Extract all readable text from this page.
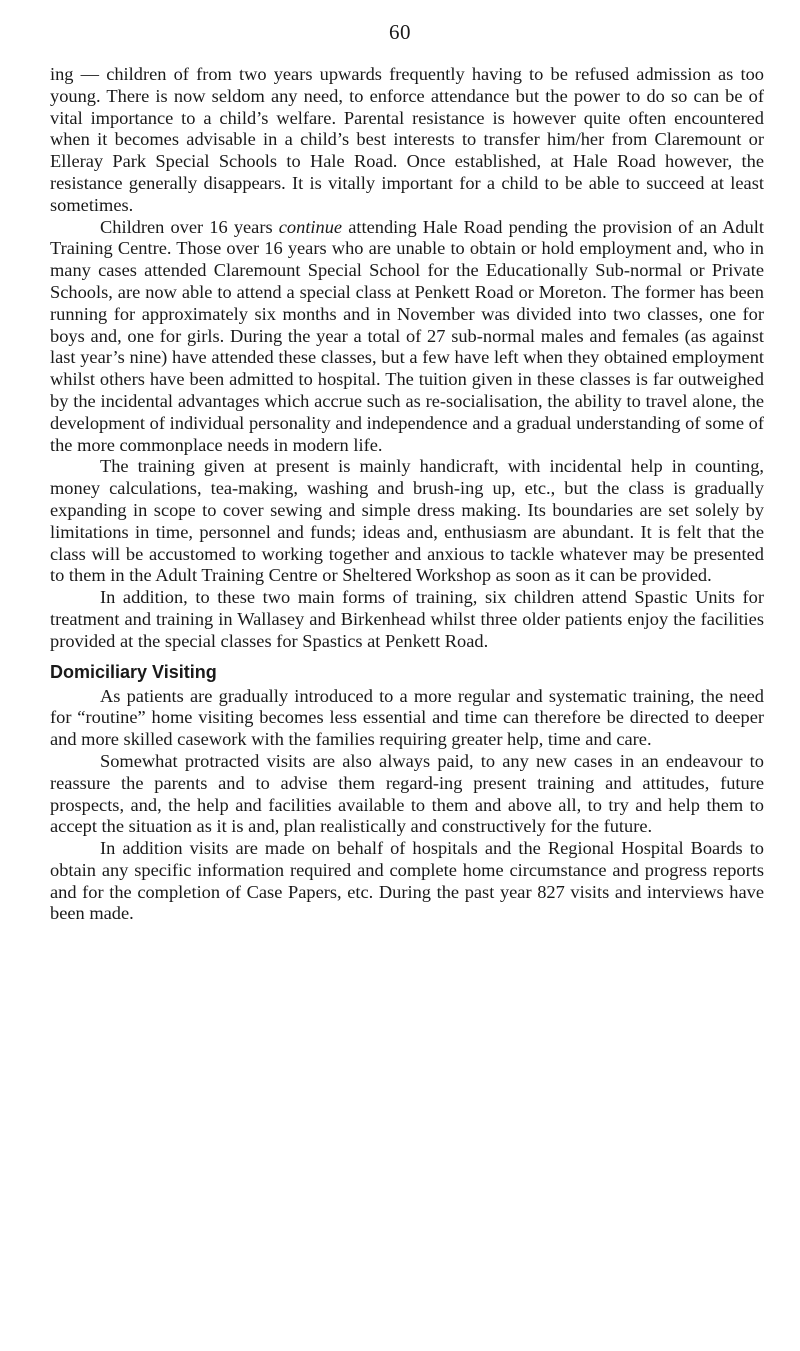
60

ing — children of from two years upwards frequently having to be refused admission as too young. There is now seldom any need, to enforce attendance but the power to do so can be of vital importance to a child’s welfare. Parental resistance is however quite often encountered when it becomes advisable in a child’s best interests to transfer him/her from Claremount or Elleray Park Special Schools to Hale Road. Once established, at Hale Road however, the resistance generally disappears. It is vitally important for a child to be able to succeed at least sometimes.

Children over 16 years continue attending Hale Road pending the provision of an Adult Training Centre. Those over 16 years who are unable to obtain or hold employment and, who in many cases attended Claremount Special School for the Educationally Sub-normal or Private Schools, are now able to attend a special class at Penkett Road or Moreton. The former has been running for approximately six months and in November was divided into two classes, one for boys and, one for girls. During the year a total of 27 sub-normal males and females (as against last year’s nine) have attended these classes, but a few have left when they obtained employment whilst others have been admitted to hospital. The tuition given in these classes is far outweighed by the incidental advantages which accrue such as re-socialisation, the ability to travel alone, the development of individual personality and independence and a gradual understanding of some of the more commonplace needs in modern life.

The training given at present is mainly handicraft, with incidental help in counting, money calculations, tea-making, washing and brush-ing up, etc., but the class is gradually expanding in scope to cover sewing and simple dress making. Its boundaries are set solely by limitations in time, personnel and funds; ideas and, enthusiasm are abundant. It is felt that the class will be accustomed to working together and anxious to tackle whatever may be presented to them in the Adult Training Centre or Sheltered Workshop as soon as it can be provided.

In addition, to these two main forms of training, six children attend Spastic Units for treatment and training in Wallasey and Birkenhead whilst three older patients enjoy the facilities provided at the special classes for Spastics at Penkett Road.

Domiciliary Visiting

As patients are gradually introduced to a more regular and systematic training, the need for “routine” home visiting becomes less essential and time can therefore be directed to deeper and more skilled casework with the families requiring greater help, time and care.

Somewhat protracted visits are also always paid, to any new cases in an endeavour to reassure the parents and to advise them regard-ing present training and attitudes, future prospects, and, the help and facilities available to them and above all, to try and help them to accept the situation as it is and, plan realistically and constructively for the future.

In addition visits are made on behalf of hospitals and the Regional Hospital Boards to obtain any specific information required and complete home circumstance and progress reports and for the completion of Case Papers, etc. During the past year 827 visits and interviews have been made.
